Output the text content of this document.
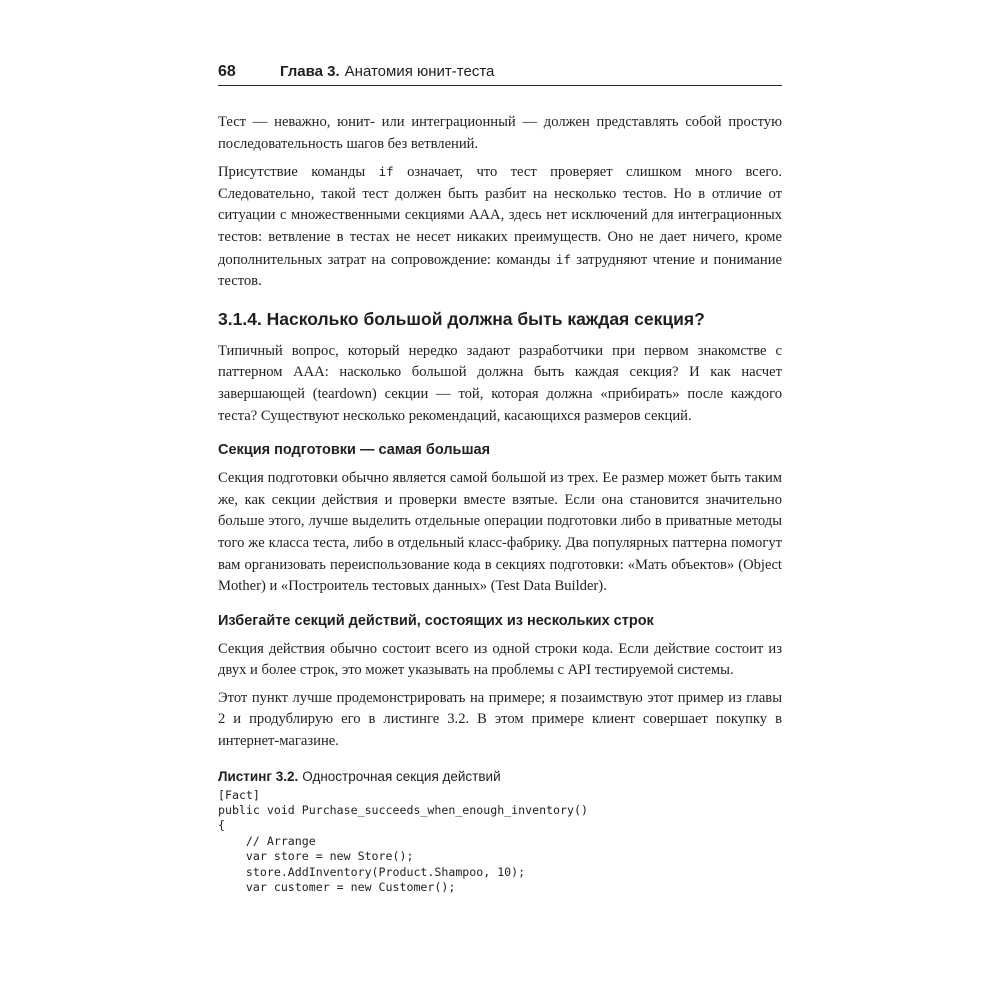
68	Глава 3. Анатомия юнит-теста

Тест — неважно, юнит- или интеграционный — должен представлять собой простую последовательность шагов без ветвлений.

Присутствие команды if означает, что тест проверяет слишком много всего. Следовательно, такой тест должен быть разбит на несколько тестов. Но в отличие от ситуации с множественными секциями ААА, здесь нет исключений для интеграционных тестов: ветвление в тестах не несет никаких преимуществ. Оно не дает ничего, кроме дополнительных затрат на сопровождение: команды if затрудняют чтение и понимание тестов.

3.1.4. Насколько большой должна быть каждая секция?

Типичный вопрос, который нередко задают разработчики при первом знакомстве с паттерном ААА: насколько большой должна быть каждая секция? И как насчет завершающей (teardown) секции — той, которая должна «прибирать» после каждого теста? Существуют несколько рекомендаций, касающихся размеров секций.

Секция подготовки — самая большая

Секция подготовки обычно является самой большой из трех. Ее размер может быть таким же, как секции действия и проверки вместе взятые. Если она становится значительно больше этого, лучше выделить отдельные операции подготовки либо в приватные методы того же класса теста, либо в отдельный класс-фабрику. Два популярных паттерна помогут вам организовать переиспользование кода в секциях подготовки: «Мать объектов» (Object Mother) и «Построитель тестовых данных» (Test Data Builder).

Избегайте секций действий, состоящих из нескольких строк

Секция действия обычно состоит всего из одной строки кода. Если действие состоит из двух и более строк, это может указывать на проблемы с API тестируемой системы.

Этот пункт лучше продемонстрировать на примере; я позаимствую этот пример из главы 2 и продублирую его в листинге 3.2. В этом примере клиент совершает покупку в интернет-магазине.

Листинг 3.2. Однострочная секция действий
[Fact]
public void Purchase_succeeds_when_enough_inventory()
{
// Arrange
var store = new Store();
store.AddInventory(Product.Shampoo, 10);
var customer = new Customer();
